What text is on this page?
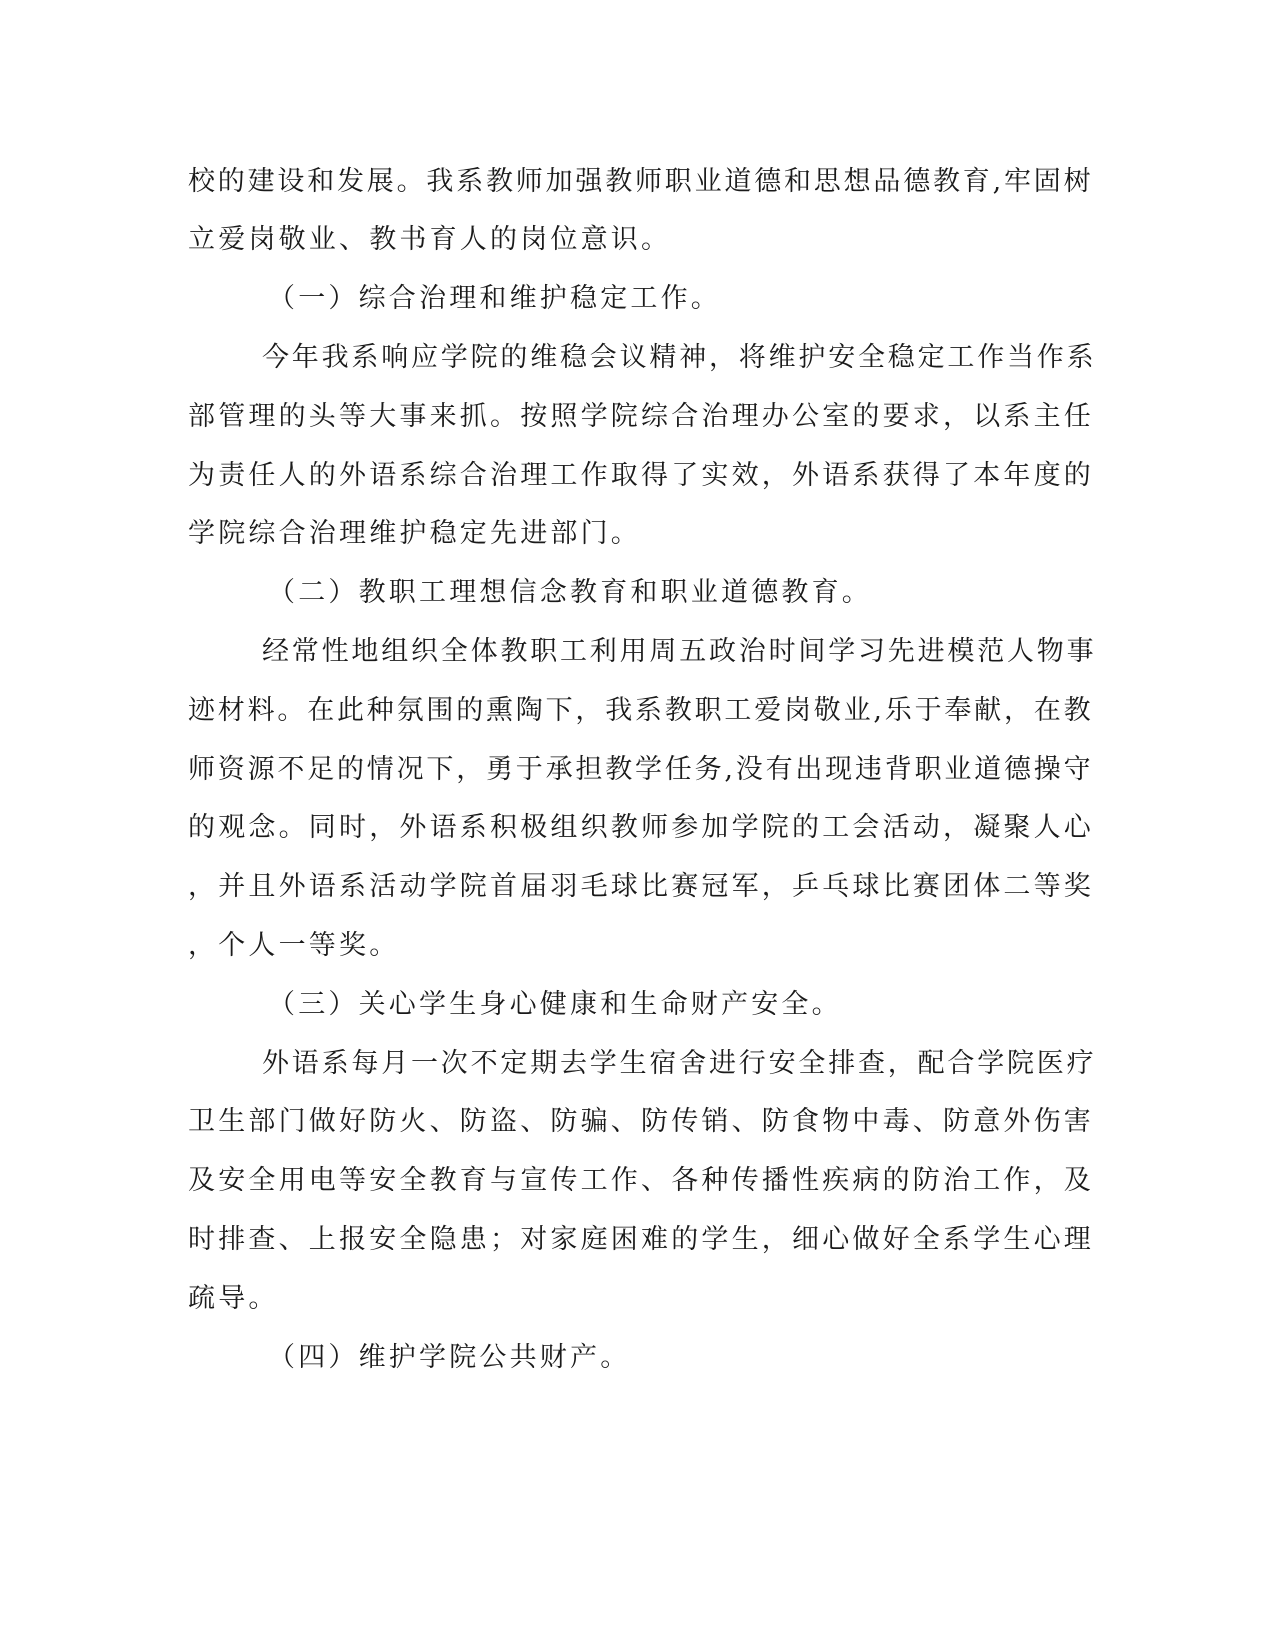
校的建设和发展。我系教师加强教师职业道德和思想品德教育,牢固树
立爱岗敬业、教书育人的岗位意识。
（一）综合治理和维护稳定工作。
今年我系响应学院的维稳会议精神，将维护安全稳定工作当作系
部管理的头等大事来抓。按照学院综合治理办公室的要求，以系主任
为责任人的外语系综合治理工作取得了实效，外语系获得了本年度的
学院综合治理维护稳定先进部门。
（二）教职工理想信念教育和职业道德教育。
经常性地组织全体教职工利用周五政治时间学习先进模范人物事
迹材料。在此种氛围的熏陶下，我系教职工爱岗敬业,乐于奉献，在教
师资源不足的情况下，勇于承担教学任务,没有出现违背职业道德操守
的观念。同时，外语系积极组织教师参加学院的工会活动，凝聚人心
，并且外语系活动学院首届羽毛球比赛冠军，乒乓球比赛团体二等奖
，个人一等奖。
（三）关心学生身心健康和生命财产安全。
外语系每月一次不定期去学生宿舍进行安全排查，配合学院医疗
卫生部门做好防火、防盗、防骗、防传销、防食物中毒、防意外伤害
及安全用电等安全教育与宣传工作、各种传播性疾病的防治工作，及
时排查、上报安全隐患；对家庭困难的学生，细心做好全系学生心理
疏导。
（四）维护学院公共财产。
